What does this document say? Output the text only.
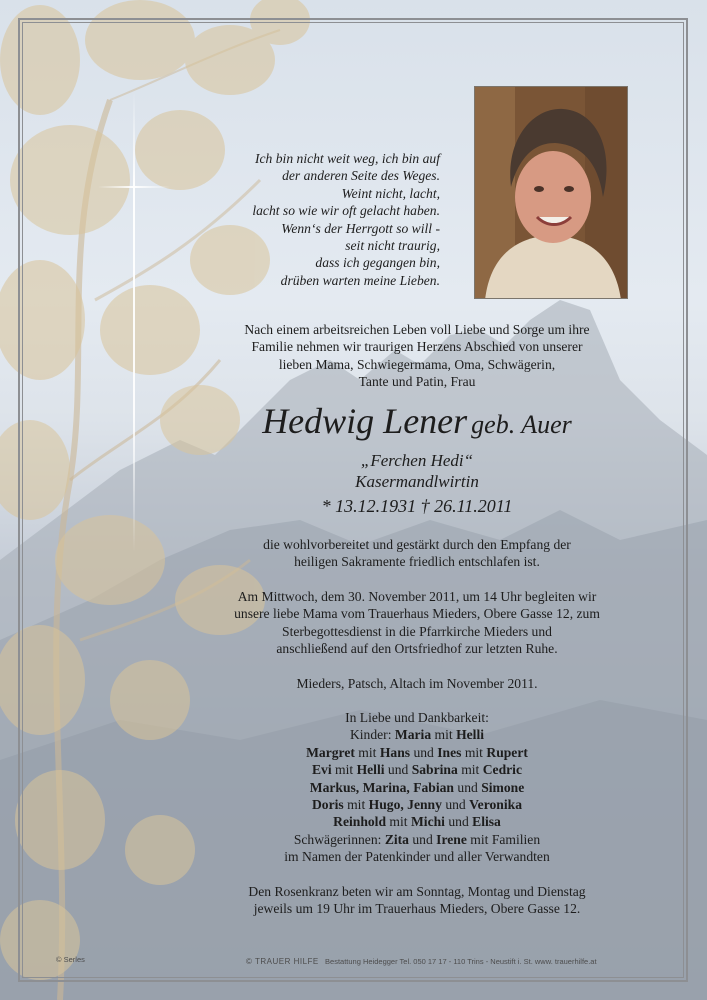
Ich bin nicht weit weg, ich bin auf
der anderen Seite des Weges.
Weint nicht, lacht,
lacht so wie wir oft gelacht haben.
Wenn‘s der Herrgott so will -
seit nicht traurig,
dass ich gegangen bin,
drüben warten meine Lieben.
Nach einem arbeitsreichen Leben voll Liebe und Sorge um ihre
Familie nehmen wir traurigen Herzens Abschied von unserer
lieben Mama, Schwiegermama, Oma, Schwägerin,
Tante und Patin, Frau
Hedwig Lener geb. Auer
„Ferchen Hedi“
Kasermandlwirtin
* 13.12.1931 † 26.11.2011
die wohlvorbereitet und gestärkt durch den Empfang der
heiligen Sakramente friedlich entschlafen ist.
Am Mittwoch, dem 30. November 2011, um 14 Uhr begleiten wir
unsere liebe Mama vom Trauerhaus Mieders, Obere Gasse 12, zum
Sterbegottesdienst in die Pfarrkirche Mieders und
anschließend auf den Ortsfriedhof zur letzten Ruhe.
Mieders, Patsch, Altach im November 2011.
In Liebe und Dankbarkeit:
Kinder: Maria mit Helli
Margret mit Hans und Ines mit Rupert
Evi mit Helli und Sabrina mit Cedric
Markus, Marina, Fabian und Simone
Doris mit Hugo, Jenny und Veronika
Reinhold mit Michi und Elisa
Schwägerinnen: Zita und Irene mit Familien
im Namen der Patenkinder und aller Verwandten
Den Rosenkranz beten wir am Sonntag, Montag und Dienstag
jeweils um 19 Uhr im Trauerhaus Mieders, Obere Gasse 12.
© Serles	© TRAUER HILFE Bestattung Heidegger Tel. 050 17 17 - 110 Trins - Neustift i. St. www. trauerhilfe.at
